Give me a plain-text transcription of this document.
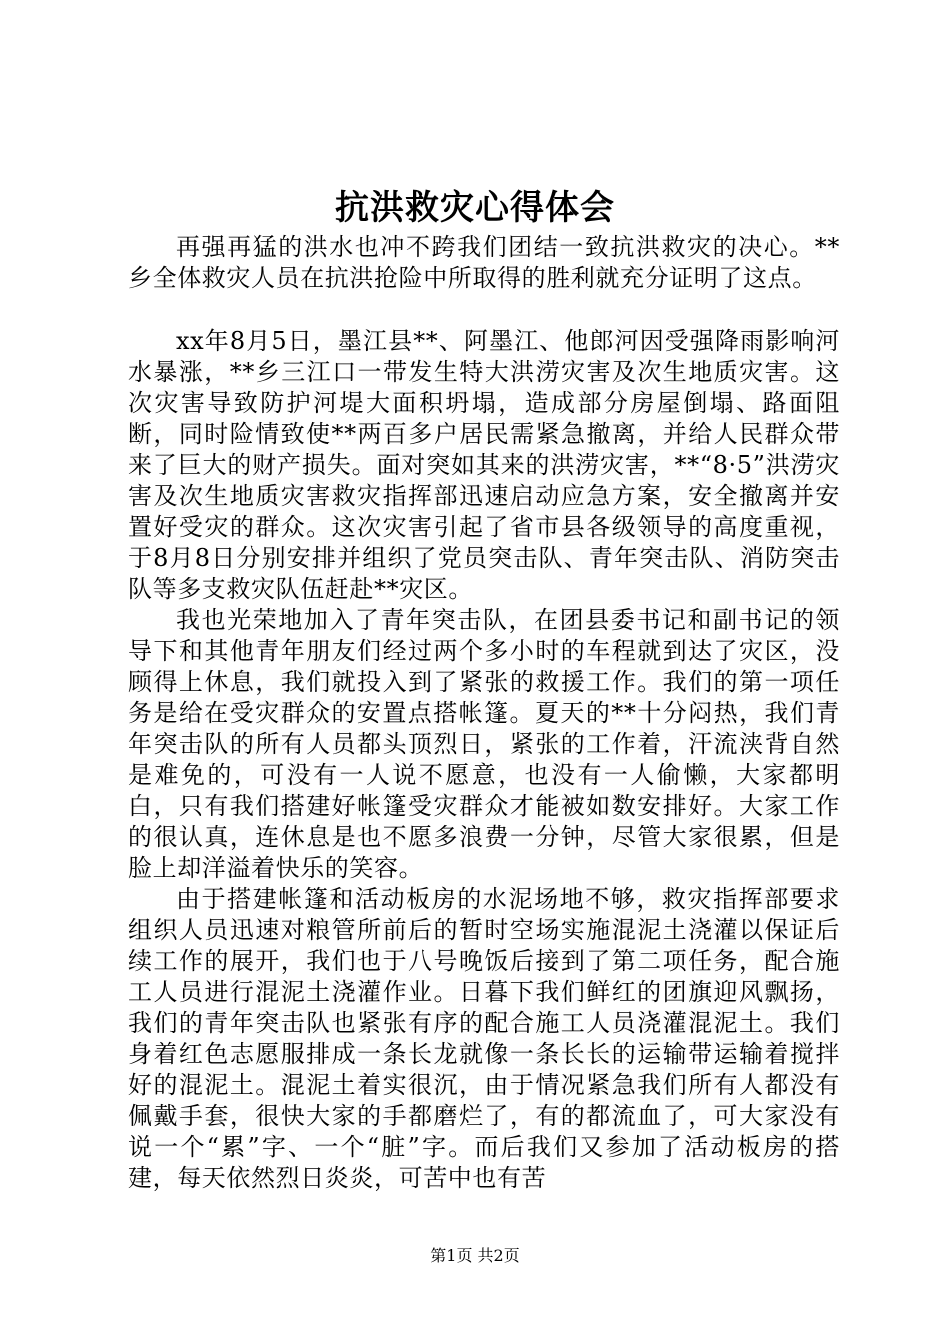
抗洪救灾心得体会

再强再猛的洪水也冲不跨我们团结一致抗洪救灾的决心。**乡全体救灾人员在抗洪抢险中所取得的胜利就充分证明了这点。

xx年8月5日，墨江县**、阿墨江、他郎河因受强降雨影响河水暴涨，**乡三江口一带发生特大洪涝灾害及次生地质灾害。这次灾害导致防护河堤大面积坍塌，造成部分房屋倒塌、路面阻断，同时险情致使**两百多户居民需紧急撤离，并给人民群众带来了巨大的财产损失。面对突如其来的洪涝灾害，**“8·5”洪涝灾害及次生地质灾害救灾指挥部迅速启动应急方案，安全撤离并安置好受灾的群众。这次灾害引起了省市县各级领导的高度重视，于8月8日分别安排并组织了党员突击队、青年突击队、消防突击队等多支救灾队伍赶赴**灾区。

我也光荣地加入了青年突击队，在团县委书记和副书记的领导下和其他青年朋友们经过两个多小时的车程就到达了灾区，没顾得上休息，我们就投入到了紧张的救援工作。我们的第一项任务是给在受灾群众的安置点搭帐篷。夏天的**十分闷热，我们青年突击队的所有人员都头顶烈日，紧张的工作着，汗流浃背自然是难免的，可没有一人说不愿意，也没有一人偷懒，大家都明白，只有我们搭建好帐篷受灾群众才能被如数安排好。大家工作的很认真，连休息是也不愿多浪费一分钟，尽管大家很累，但是脸上却洋溢着快乐的笑容。

由于搭建帐篷和活动板房的水泥场地不够，救灾指挥部要求组织人员迅速对粮管所前后的暂时空场实施混泥土浇灌以保证后续工作的展开，我们也于八号晚饭后接到了第二项任务，配合施工人员进行混泥土浇灌作业。日暮下我们鲜红的团旗迎风飘扬，我们的青年突击队也紧张有序的配合施工人员浇灌混泥土。我们身着红色志愿服排成一条长龙就像一条长长的运输带运输着搅拌好的混泥土。混泥土着实很沉，由于情况紧急我们所有人都没有佩戴手套，很快大家的手都磨烂了，有的都流血了，可大家没有说一个“累”字、一个“脏”字。而后我们又参加了活动板房的搭建，每天依然烈日炎炎，可苦中也有苦

第1页 共2页
